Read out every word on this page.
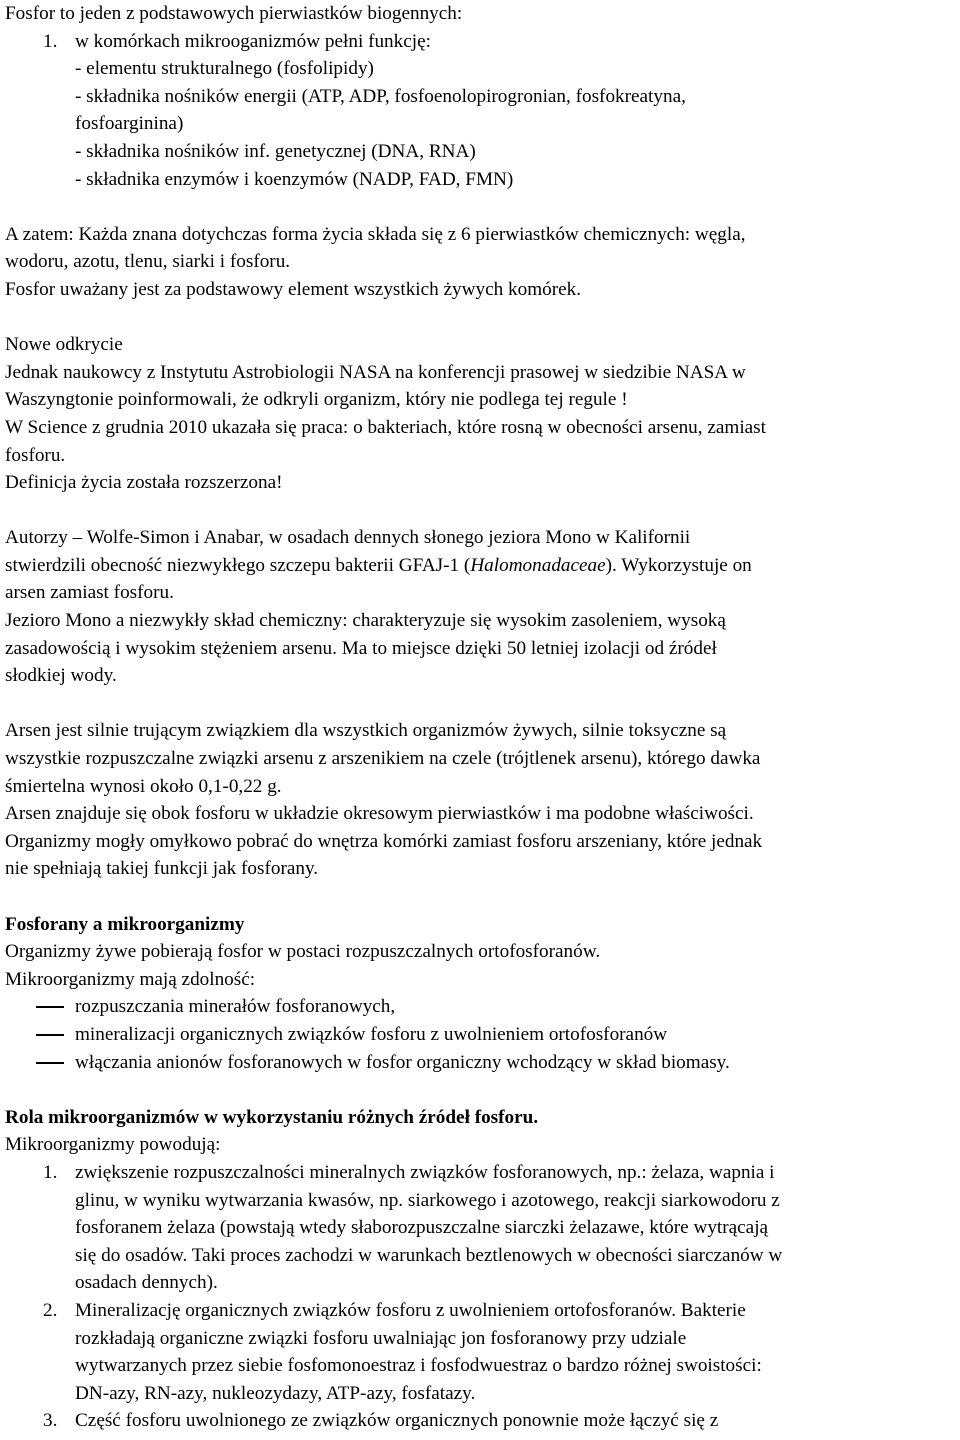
Fosfor to jeden z podstawowych pierwiastków biogennych:
1. w komórkach mikrooganizmów pełni funkcję:
- elementu strukturalnego (fosfolipidy)
- składnika nośników energii (ATP, ADP, fosfoenolopirogronian, fosfokreatyna,
fosfoarginina)
- składnika nośników inf. genetycznej (DNA, RNA)
- składnika enzymów i koenzymów (NADP, FAD, FMN)
A zatem: Każda znana dotychczas forma życia składa się z 6 pierwiastków chemicznych: węgla,
wodoru, azotu, tlenu, siarki i fosforu.
Fosfor uważany jest za podstawowy element wszystkich żywych komórek.
Nowe odkrycie
Jednak naukowcy z Instytutu Astrobiologii NASA na konferencji prasowej w siedzibie NASA w
Waszyngtonie poinformowali, że odkryli organizm, który nie podlega tej regule !
W Science z grudnia 2010 ukazała się praca: o bakteriach, które rosną w obecności arsenu, zamiast
fosforu.
Definicja życia została rozszerzona!
Autorzy – Wolfe-Simon i Anabar, w osadach dennych słonego jeziora Mono w Kalifornii
stwierdzili obecność niezwykłego szczepu bakterii GFAJ-1 (Halomonadaceae). Wykorzystuje on
arsen zamiast fosforu.
Jezioro Mono a niezwykły skład chemiczny: charakteryzuje się wysokim zasoleniem, wysoką
zasadowością i wysokim stężeniem arsenu. Ma to miejsce dzięki 50 letniej izolacji od źródeł
słodkiej wody.
Arsen jest silnie trującym związkiem dla wszystkich organizmów żywych, silnie toksyczne są
wszystkie rozpuszczalne związki arsenu z arszenikiem na czele (trójtlenek arsenu), którego dawka
śmiertelna wynosi około 0,1-0,22 g.
Arsen znajduje się obok fosforu w układzie okresowym pierwiastków i ma podobne właściwości.
Organizmy mogły omyłkowo pobrać do wnętrza komórki zamiast fosforu arszeniany, które jednak
nie spełniają takiej funkcji jak fosforany.
Fosforany a mikroorganizmy
Organizmy żywe pobierają fosfor w postaci rozpuszczalnych ortofosforanów.
Mikroorganizmy mają zdolność:
rozpuszczania minerałów fosforanowych,
mineralizacji organicznych związków fosforu z uwolnieniem ortofosforanów
włączania anionów fosforanowych w fosfor organiczny wchodzący w skład biomasy.
Rola mikroorganizmów w wykorzystaniu różnych źródeł fosforu.
Mikroorganizmy powodują:
1. zwiększenie rozpuszczalności mineralnych związków fosforanowych, np.: żelaza, wapnia i
glinu, w wyniku wytwarzania kwasów, np. siarkowego i azotowego, reakcji siarkowodoru z
fosforanem żelaza (powstają wtedy słaborozpuszczalne siarczki żelazawe, które wytrącają
się do osadów. Taki proces zachodzi w warunkach beztlenowych w obecności siarczanów w
osadach dennych).
2. Mineralizację organicznych związków fosforu z uwolnieniem ortofosforanów. Bakterie
rozkładają organiczne związki fosforu uwalniając jon fosforanowy przy udziale
wytwarzanych przez siebie fosfomonoestraz i fosfodwuestraz o bardzo różnej swoistości:
DN-azy, RN-azy, nukleozydazy, ATP-azy, fosfatazy.
3. Część fosforu uwolnionego ze związków organicznych ponownie może łączyć się z
